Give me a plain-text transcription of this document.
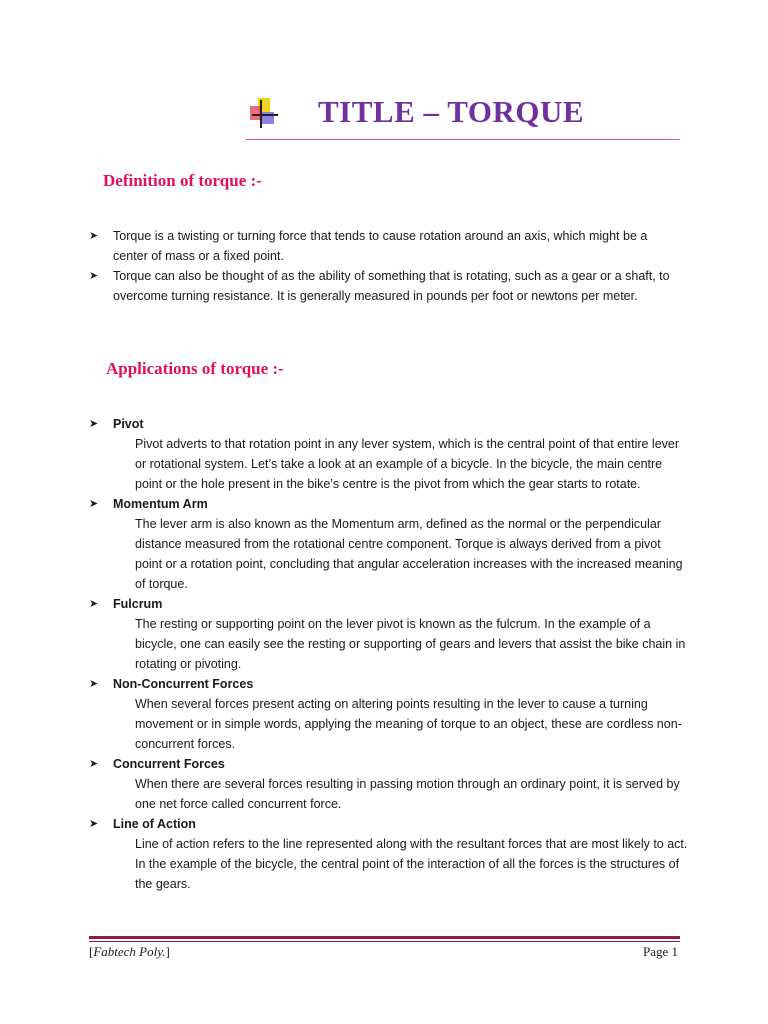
TITLE – TORQUE
Definition of torque :-
➤ Torque is a twisting or turning force that tends to cause rotation around an axis, which might be a center of mass or a fixed point.
➤ Torque can also be thought of as the ability of something that is rotating, such as a gear or a shaft, to overcome turning resistance. It is generally measured in pounds per foot or newtons per meter.
Applications of torque :-
➤ Pivot
Pivot adverts to that rotation point in any lever system, which is the central point of that entire lever or rotational system. Let’s take a look at an example of a bicycle. In the bicycle, the main centre point or the hole present in the bike’s centre is the pivot from which the gear starts to rotate.
➤ Momentum Arm
The lever arm is also known as the Momentum arm, defined as the normal or the perpendicular distance measured from the rotational centre component. Torque is always derived from a pivot point or a rotation point, concluding that angular acceleration increases with the increased meaning of torque.
➤ Fulcrum
The resting or supporting point on the lever pivot is known as the fulcrum. In the example of a bicycle, one can easily see the resting or supporting of gears and levers that assist the bike chain in rotating or pivoting.
➤ Non-Concurrent Forces
When several forces present acting on altering points resulting in the lever to cause a turning movement or in simple words, applying the meaning of torque to an object, these are cordless non-concurrent forces.
➤ Concurrent Forces
When there are several forces resulting in passing motion through an ordinary point, it is served by one net force called concurrent force.
➤ Line of Action
Line of action refers to the line represented along with the resultant forces that are most likely to act. In the example of the bicycle, the central point of the interaction of all the forces is the structures of the gears.
[Fabtech Poly.]	Page 1
